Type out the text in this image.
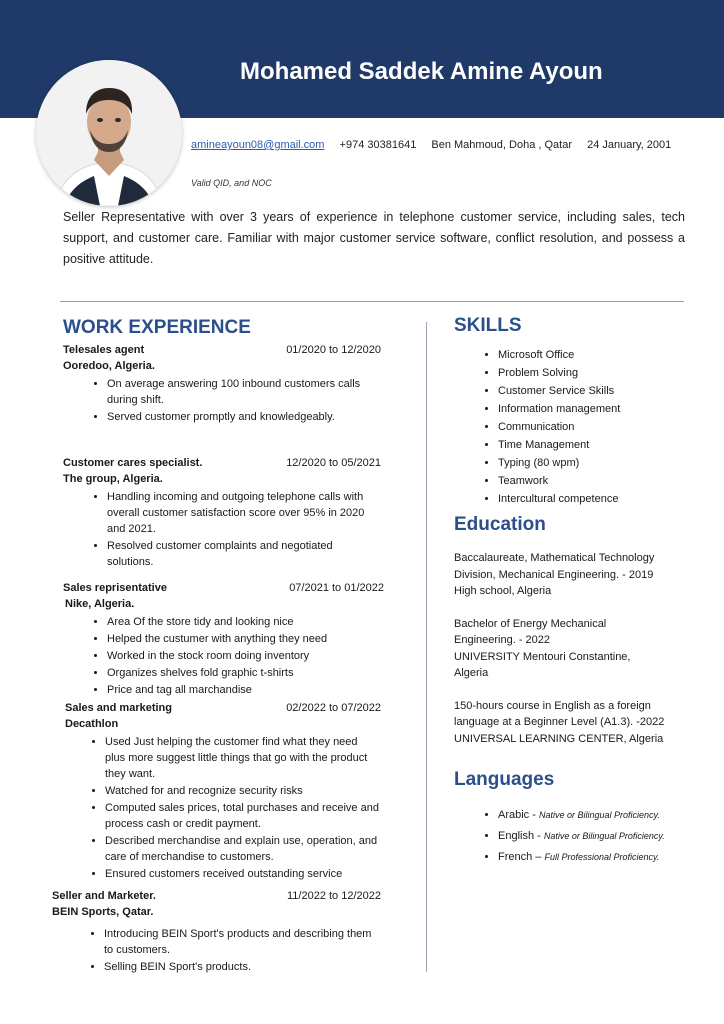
Mohamed Saddek Amine Ayoun
amineayoun08@gmail.com +974 30381641 Ben Mahmoud, Doha , Qatar 24 January, 2001
Valid QID, and NOC
Seller Representative with over 3 years of experience in telephone customer service, including sales, tech support, and customer care. Familiar with major customer service software, conflict resolution, and possess a positive attitude.
WORK EXPERIENCE
Telesales agent	01/2020 to 12/2020
Ooredoo, Algeria.
• On average answering 100 inbound customers calls during shift.
• Served customer promptly and knowledgeably.
Customer cares specialist.	12/2020 to 05/2021
The group, Algeria.
• Handling incoming and outgoing telephone calls with overall customer satisfaction score over 95% in 2020 and 2021.
• Resolved customer complaints and negotiated solutions.
Sales reprisentative	07/2021 to 01/2022
Nike, Algeria.
• Area Of the store tidy and looking nice
• Helped the custumer with anything they need
• Worked in the stock room doing inventory
• Organizes shelves fold graphic t-shirts
• Price and tag all marchandise
Sales and marketing	02/2022 to 07/2022
Decathlon
• Used Just helping the customer find what they need plus more suggest little things that go with the product they want.
• Watched for and recognize security risks
• Computed sales prices, total purchases and receive and process cash or credit payment.
• Described merchandise and explain use, operation, and care of merchandise to customers.
• Ensured customers received outstanding service
Seller and Marketer.	11/2022 to 12/2022
BEIN Sports, Qatar.
• Introducing BEIN Sport's products and describing them to customers.
• Selling BEIN Sport's products.
SKILLS
• Microsoft Office
• Problem Solving
• Customer Service Skills
• Information management
• Communication
• Time Management
• Typing (80 wpm)
• Teamwork
• Intercultural competence
Education

Baccalaureate, Mathematical Technology Division, Mechanical Engineering. - 2019
High school, Algeria

Bachelor of Energy Mechanical Engineering. - 2022
UNIVERSITY Mentouri Constantine, Algeria

150-hours course in English as a foreign language at a Beginner Level (A1.3). -2022
UNIVERSAL LEARNING CENTER, Algeria

Languages
• Arabic - Native or Bilingual Proficiency.
• English - Native or Bilingual Proficiency.
• French – Full Professional Proficiency.
